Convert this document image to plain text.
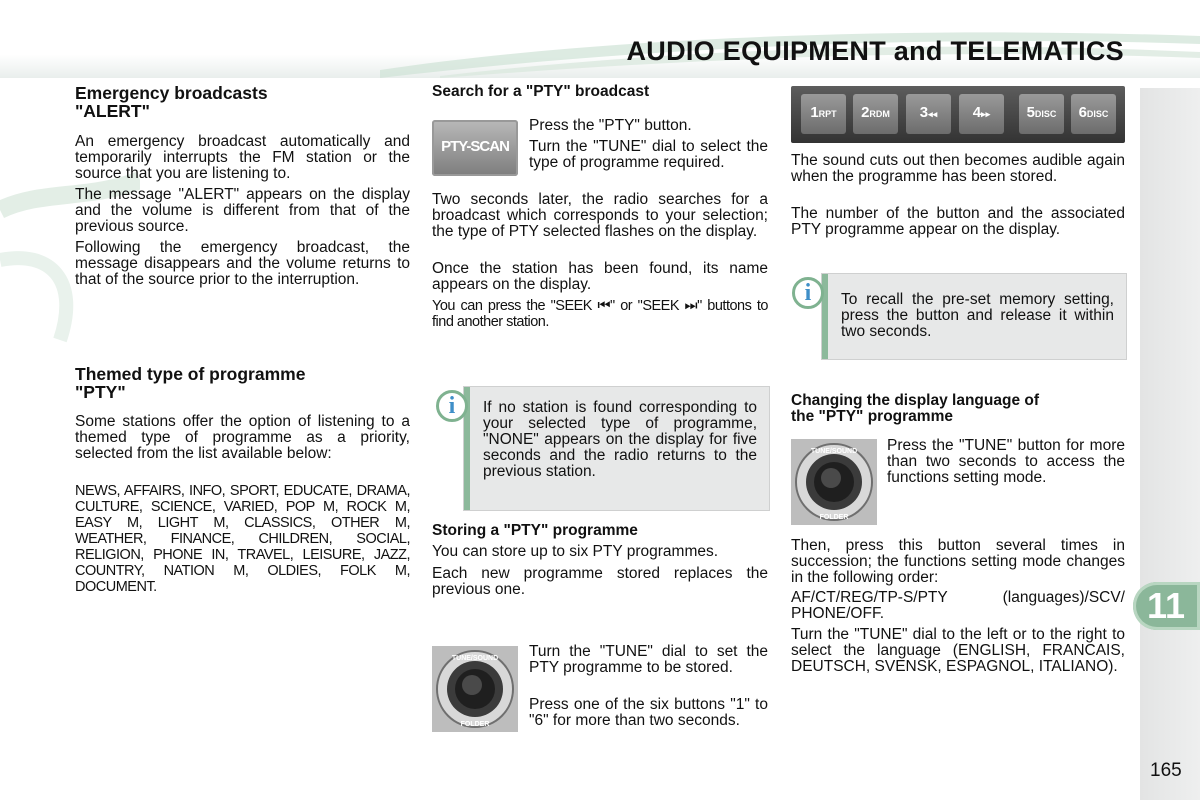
AUDIO EQUIPMENT and TELEMATICS
11
165
Emergency broadcasts
"ALERT"

An emergency broadcast automatically and temporarily interrupts the FM station or the source that you are listening to.

The message "ALERT" appears on the display and the volume is different from that of the previous source.

Following the emergency broadcast, the message disappears and the volume returns to that of the source prior to the interruption.

Themed type of programme
"PTY"

Some stations offer the option of listening to a themed type of programme as a priority, selected from the list available below:

NEWS, AFFAIRS, INFO, SPORT, EDUCATE, DRAMA, CULTURE, SCIENCE, VARIED, POP M, ROCK M, EASY M, LIGHT M, CLASSICS, OTHER M, WEATHER, FINANCE, CHILDREN, SOCIAL, RELIGION, PHONE IN, TRAVEL, LEISURE, JAZZ, COUNTRY, NATION M, OLDIES, FOLK M, DOCUMENT.

Search for a "PTY" broadcast
PTY-SCAN

Press the "PTY" button.

Turn the "TUNE" dial to select the type of programme required.

Two seconds later, the radio searches for a broadcast which corresponds to your selection; the type of PTY selected flashes on the display.

Once the station has been found, its name appears on the display.

You can press the "SEEK ⏮" or "SEEK ⏭" buttons to find another station.

i	If no station is found corresponding to your selected type of programme, "NONE" appears on the display for five seconds and the radio returns to the previous station.

Storing a "PTY" programme

You can store up to six PTY programmes.

Each new programme stored replaces the previous one.

TUNE/SOUND
FOLDER

Turn the "TUNE" dial to set the PTY programme to be stored.

Press one of the six buttons "1" to "6" for more than two seconds.

1RPT	2RDM	3◂◂	4▸▸	5DISC	6DISC

The sound cuts out then becomes audible again when the programme has been stored.

The number of the button and the associated PTY programme appear on the display.

i	To recall the pre-set memory setting, press the button and release it within two seconds.

Changing the display language of
the "PTY" programme
TUNE/SOUND
FOLDER

Press the "TUNE" button for more than two seconds to access the functions setting mode.

Then, press this button several times in succession; the functions setting mode changes in the following order:

AF/CT/REG/TP-S/PTY (languages)/SCV/ PHONE/OFF.

Turn the "TUNE" dial to the left or to the right to select the language (ENGLISH, FRANCAIS, DEUTSCH, SVENSK, ESPAGNOL, ITALIANO).
